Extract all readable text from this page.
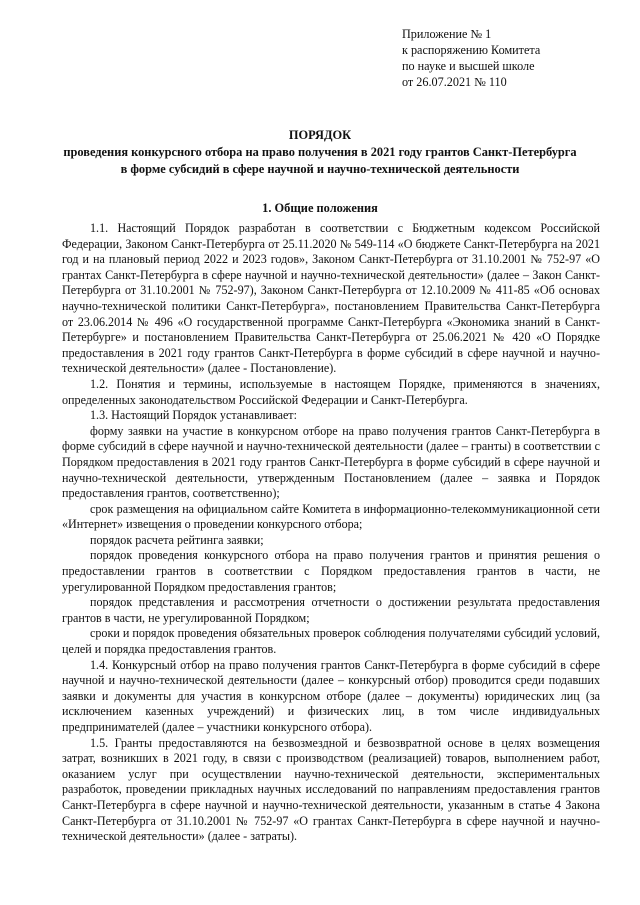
Приложение № 1
к распоряжению Комитета
по науке и высшей школе
от 26.07.2021 № 110
ПОРЯДОК
проведения конкурсного отбора на право получения в 2021 году грантов Санкт-Петербурга
в форме субсидий в сфере научной и научно-технической деятельности
1. Общие положения

1.1. Настоящий Порядок разработан в соответствии с Бюджетным кодексом Российской Федерации, Законом Санкт-Петербурга от 25.11.2020 № 549-114 «О бюджете Санкт-Петербурга на 2021 год и на плановый период 2022 и 2023 годов», Законом Санкт-Петербурга от 31.10.2001 № 752-97 «О грантах Санкт-Петербурга в сфере научной и научно-технической деятельности» (далее – Закон Санкт-Петербурга от 31.10.2001 № 752-97), Законом Санкт-Петербурга от 12.10.2009 № 411-85 «Об основах научно-технической политики Санкт-Петербурга», постановлением Правительства Санкт-Петербурга от 23.06.2014 № 496 «О государственной программе Санкт-Петербурга «Экономика знаний в Санкт-Петербурге» и постановлением Правительства Санкт-Петербурга от 25.06.2021 № 420 «О Порядке предоставления в 2021 году грантов Санкт-Петербурга в форме субсидий в сфере научной и научно-технической деятельности» (далее - Постановление).

1.2. Понятия и термины, используемые в настоящем Порядке, применяются в значениях, определенных законодательством Российской Федерации и Санкт-Петербурга.

1.3. Настоящий Порядок устанавливает:

форму заявки на участие в конкурсном отборе на право получения грантов Санкт-Петербурга в форме субсидий в сфере научной и научно-технической деятельности (далее – гранты) в соответствии с Порядком предоставления в 2021 году грантов Санкт-Петербурга в форме субсидий в сфере научной и научно-технической деятельности, утвержденным Постановлением (далее – заявка и Порядок предоставления грантов, соответственно);

срок размещения на официальном сайте Комитета в информационно-телекоммуникационной сети «Интернет» извещения о проведении конкурсного отбора;

порядок расчета рейтинга заявки;

порядок проведения конкурсного отбора на право получения грантов и принятия решения о предоставлении грантов в соответствии с Порядком предоставления грантов в части, не урегулированной Порядком предоставления грантов;

порядок представления и рассмотрения отчетности о достижении результата предоставления грантов в части, не урегулированной Порядком;

сроки и порядок проведения обязательных проверок соблюдения получателями субсидий условий, целей и порядка предоставления грантов.

1.4. Конкурсный отбор на право получения грантов Санкт-Петербурга в форме субсидий в сфере научной и научно-технической деятельности (далее – конкурсный отбор) проводится среди подавших заявки и документы для участия в конкурсном отборе (далее – документы) юридических лиц (за исключением казенных учреждений) и физических лиц, в том числе индивидуальных предпринимателей (далее – участники конкурсного отбора).

1.5. Гранты предоставляются на безвозмездной и безвозвратной основе в целях возмещения затрат, возникших в 2021 году, в связи с производством (реализацией) товаров, выполнением работ, оказанием услуг при осуществлении научно-технической деятельности, экспериментальных разработок, проведении прикладных научных исследований по направлениям предоставления грантов Санкт-Петербурга в сфере научной и научно-технической деятельности, указанным в статье 4 Закона Санкт-Петербурга от 31.10.2001 № 752-97 «О грантах Санкт-Петербурга в сфере научной и научно-технической деятельности» (далее - затраты).
